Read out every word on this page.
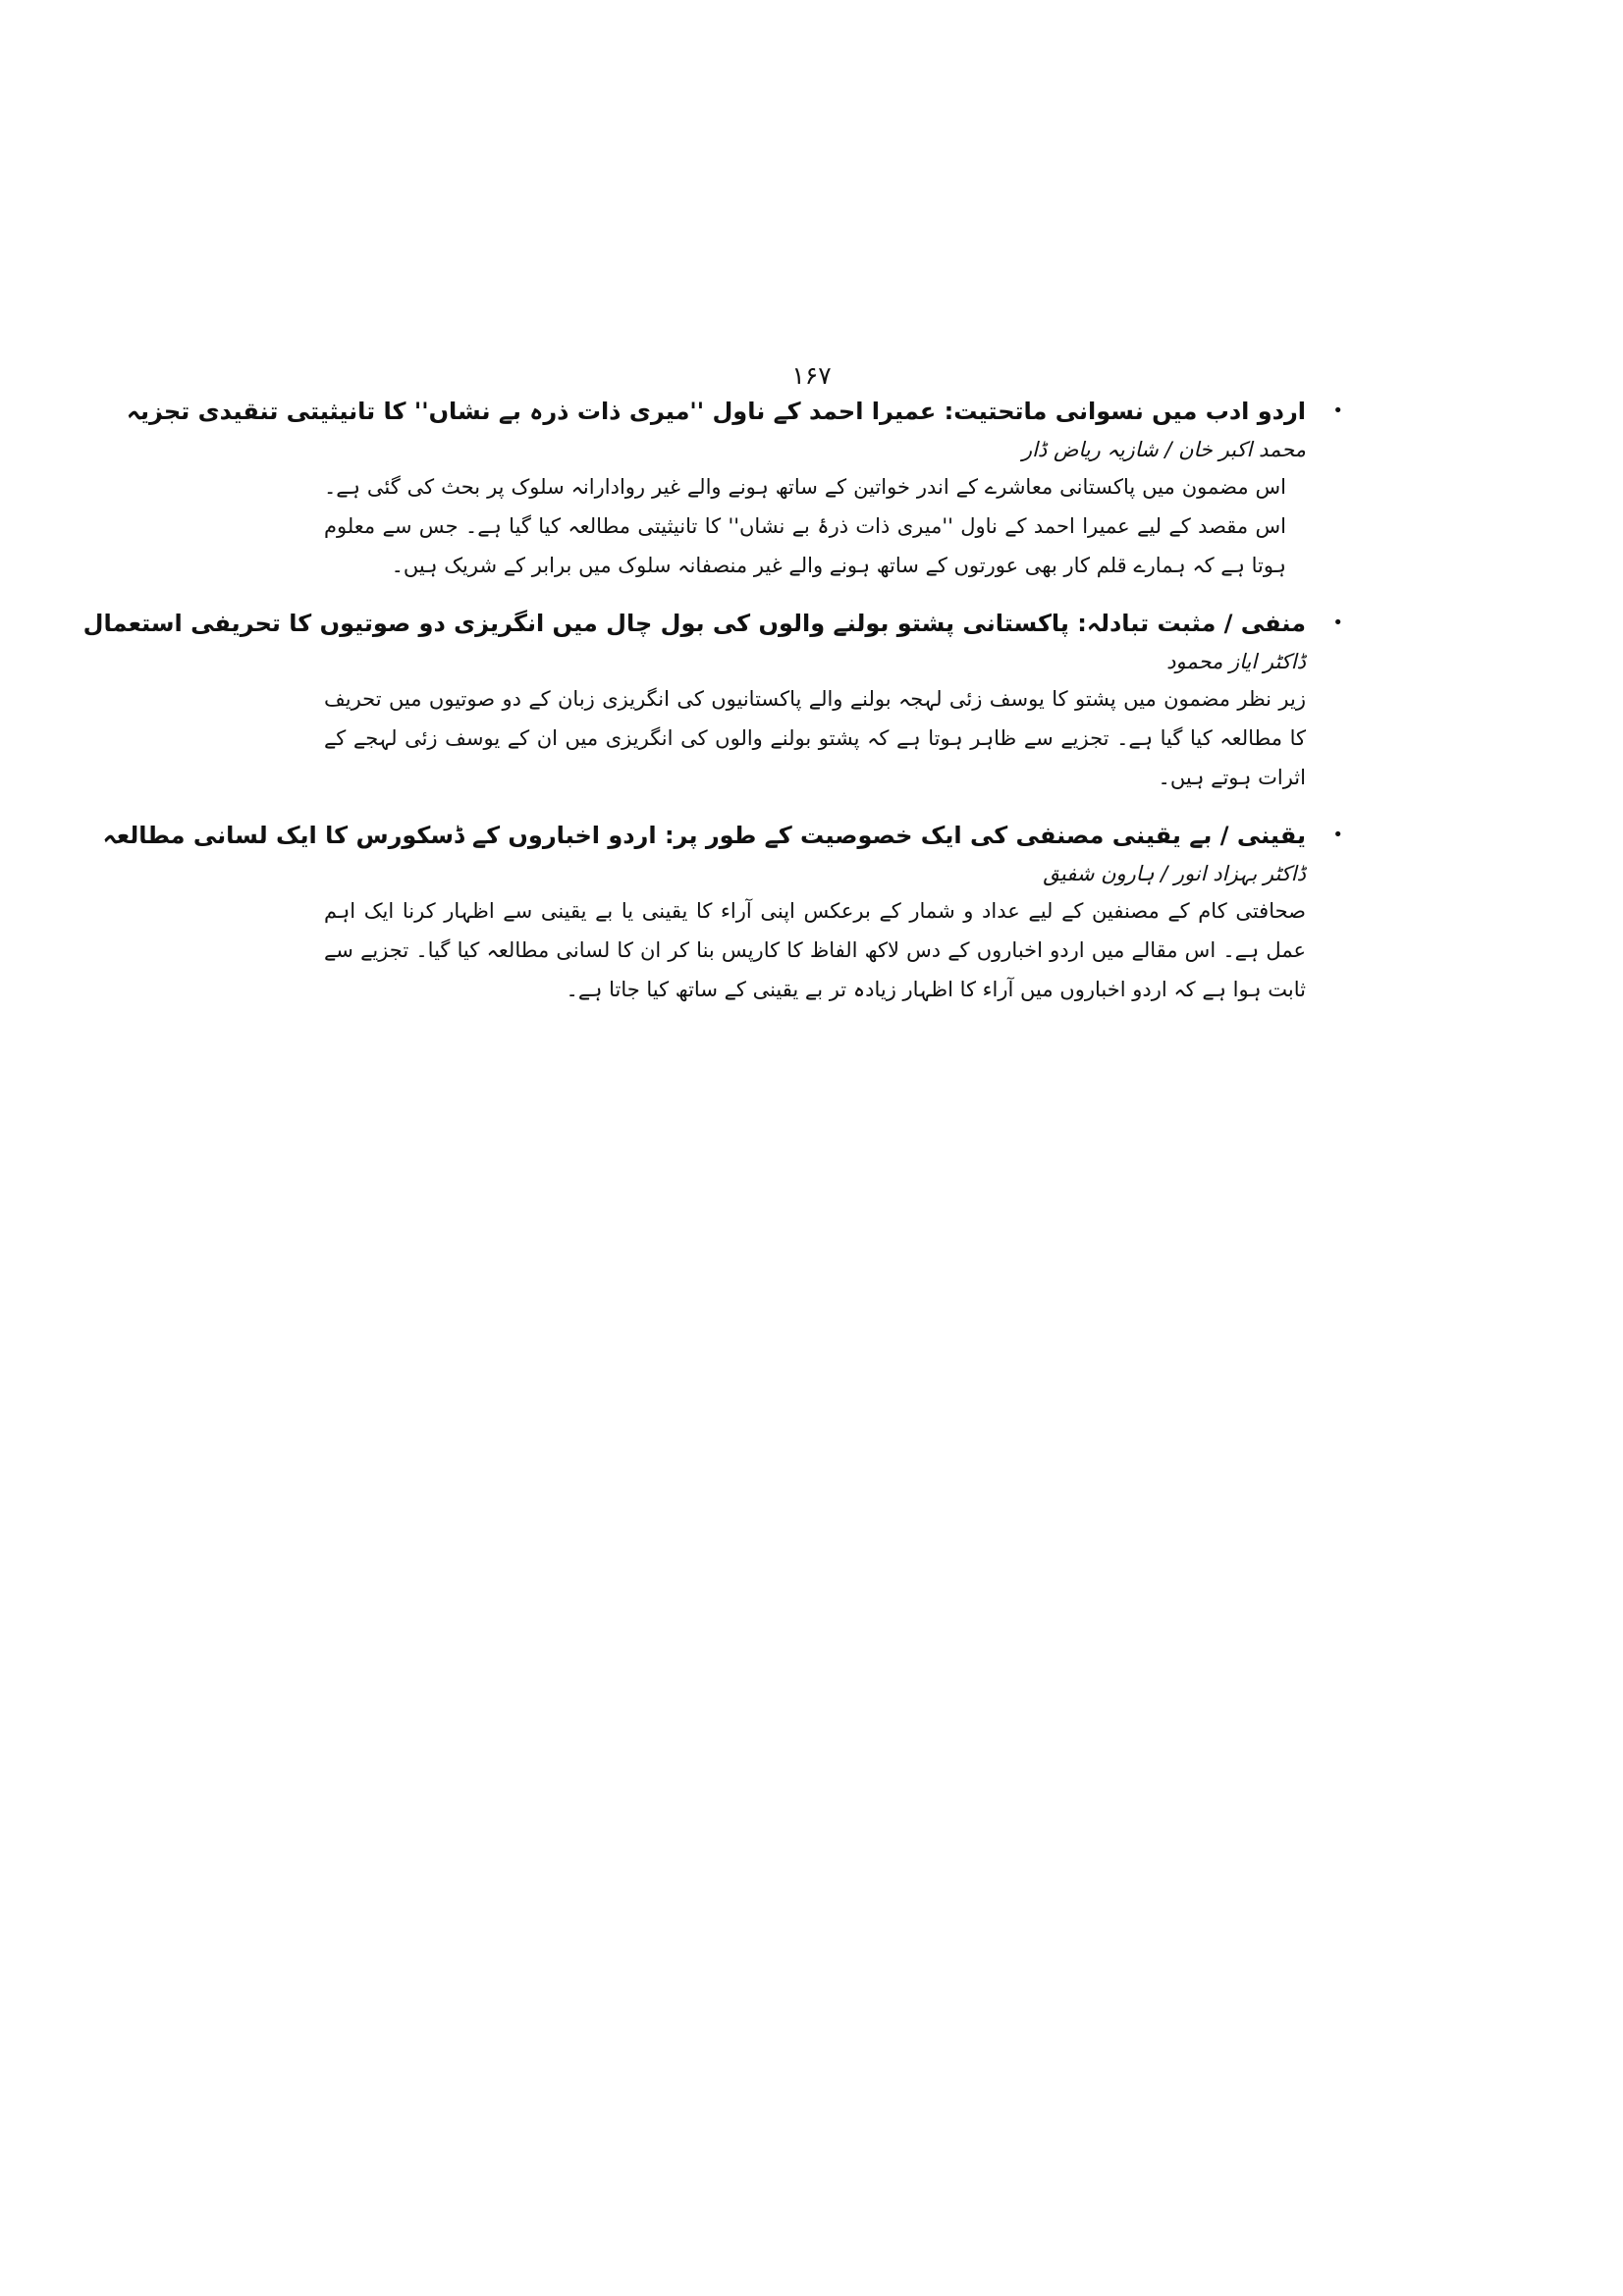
۱۶۷
•
اردو ادب میں نسوانی ماتحتیت: عمیرا احمد کے ناول ''میری ذات ذرہ بے نشاں'' کا تانیثیتی تنقیدی تجزیہ
محمد اکبر خان / شازیہ ریاض ڈار
اس مضمون میں پاکستانی معاشرے کے اندر خواتین کے ساتھ ہونے والے غیر روادارانہ سلوک پر بحث کی گئی ہے۔ اس مقصد کے لیے عمیرا احمد کے ناول ''میری ذات ذرۂ بے نشاں'' کا تانیثیتی مطالعہ کیا گیا ہے۔ جس سے معلوم ہوتا ہے کہ ہمارے قلم کار بھی عورتوں کے ساتھ ہونے والے غیر منصفانہ سلوک میں برابر کے شریک ہیں۔
•
منفی / مثبت تبادلہ: پاکستانی پشتو بولنے والوں کی بول چال میں انگریزی دو صوتیوں کا تحریفی استعمال
ڈاکٹر ایاز محمود
زیر نظر مضمون میں پشتو کا یوسف زئی لہجہ بولنے والے پاکستانیوں کی انگریزی زبان کے دو صوتیوں میں تحریف کا مطالعہ کیا گیا ہے۔ تجزیے سے ظاہر ہوتا ہے کہ پشتو بولنے والوں کی انگریزی میں ان کے یوسف زئی لہجے کے اثرات ہوتے ہیں۔
•
یقینی / بے یقینی مصنفی کی ایک خصوصیت کے طور پر: اردو اخباروں کے ڈسکورس کا ایک لسانی مطالعہ
ڈاکٹر بہزاد انور / ہارون شفیق
صحافتی کام کے مصنفین کے لیے عداد و شمار کے برعکس اپنی آراء کا یقینی یا بے یقینی سے اظہار کرنا ایک اہم عمل ہے۔ اس مقالے میں اردو اخباروں کے دس لاکھ الفاظ کا کارپس بنا کر ان کا لسانی مطالعہ کیا گیا۔ تجزیے سے ثابت ہوا ہے کہ اردو اخباروں میں آراء کا اظہار زیادہ تر بے یقینی کے ساتھ کیا جاتا ہے۔
